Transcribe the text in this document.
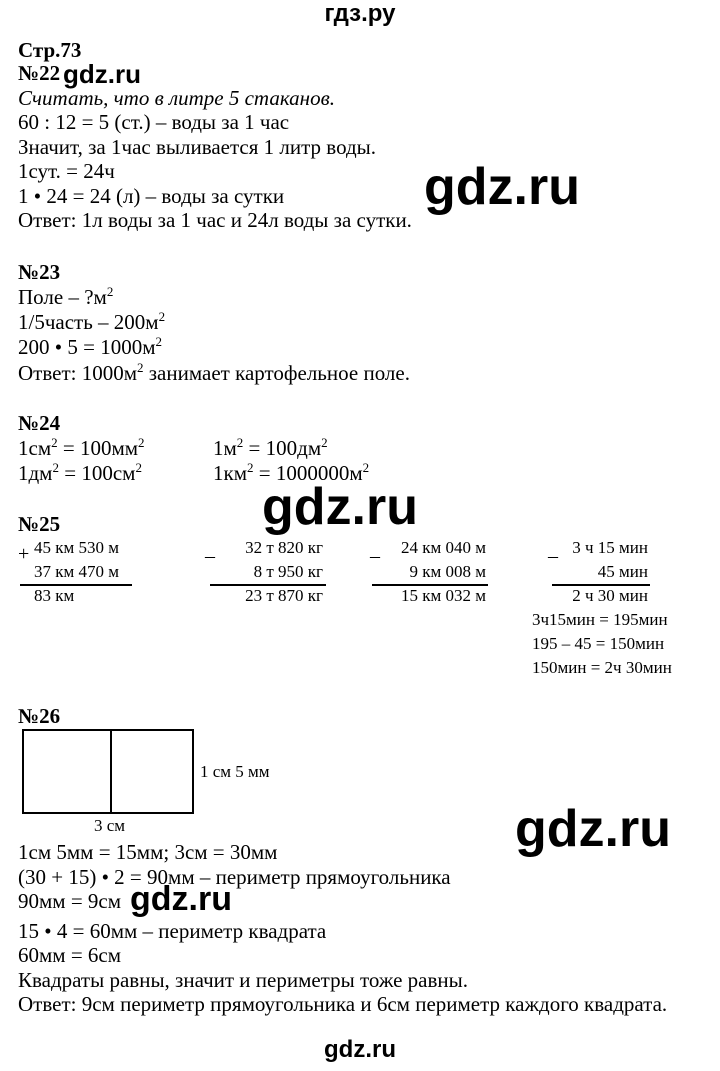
гдз.ру
Стр.73
№22 gdz.ru
Считать, что в литре 5 стаканов.
60 : 12 = 5 (ст.) – воды за 1 час
Значит, за 1час выливается 1 литр воды.
1сут. = 24ч
1 • 24 = 24 (л) – воды за сутки
Ответ: 1л воды за 1 час и 24л воды за сутки.
gdz.ru
№23
Поле – $?м^2$
1/5часть – $200м^2$
200 • $5 = 1000м^2$
Ответ: $1000м^2$ занимает картофельное поле.
№24
$1см^2 = 100мм^2$	$1м^2 = 100дм^2$
$1дм^2 = 100см^2$	$1км^2 = 1000000м^2$
gdz.ru
№25
+ 45 км 530 м
37 км 470 м
83 км
–	32 т 820 кг
8 т 950 кг
23 т 870 кг
–	24 км 040 м
9 км 008 м
15 км 032 м
– 3 ч 15 мин
45 мин
2 ч 30 мин
3ч15мин = 195мин
195 – 45 = 150мин
150мин = 2ч 30мин
№26
1 см 5 мм
3 см
1см 5мм = 15мм; 3см = 30мм
(30 + 15) • 2 = 90мм – периметр прямоугольника
90мм = 9см gdz.ru
15 • 4 = 60мм – периметр квадрата
60мм = 6см
Квадраты равны, значит и периметры тоже равны.
Ответ: 9см периметр прямоугольника и 6см периметр каждого квадрата.
gdz.ru
gdz.ru
